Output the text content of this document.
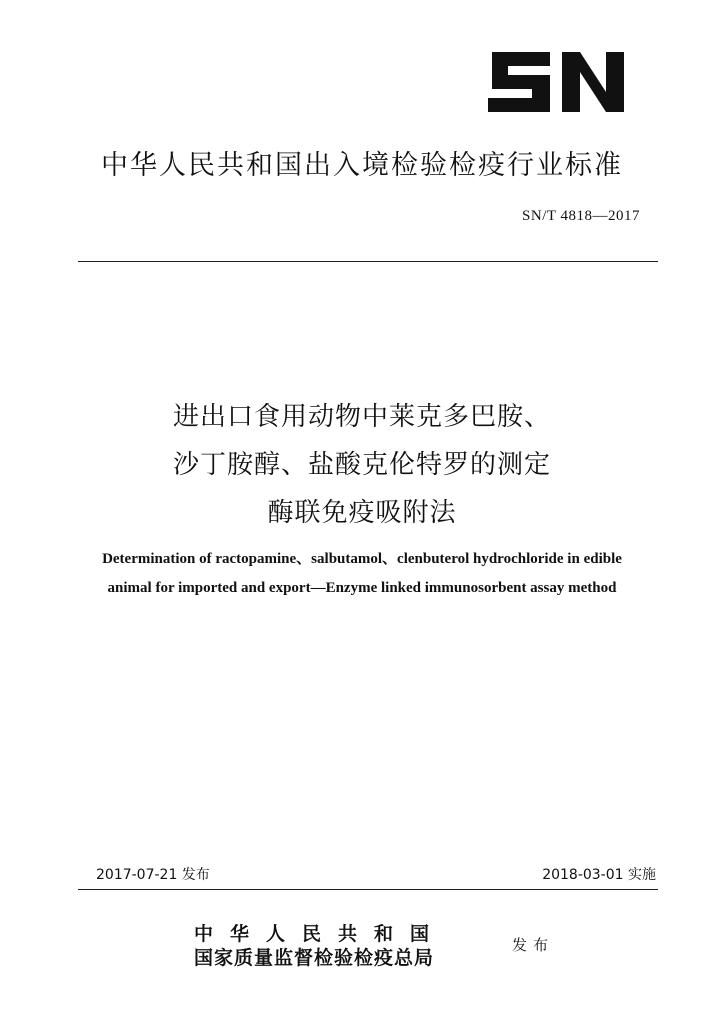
中华人民共和国出入境检验检疫行业标准
SN/T 4818—2017
进出口食用动物中莱克多巴胺、
沙丁胺醇、盐酸克伦特罗的测定
酶联免疫吸附法
Determination of ractopamine、salbutamol、clenbuterol hydrochloride in edible
animal for imported and export—Enzyme linked immunosorbent assay method
2017-07-21 发布	2018-03-01 实施
中华人民共和国
国家质量监督检验检疫总局
发布
